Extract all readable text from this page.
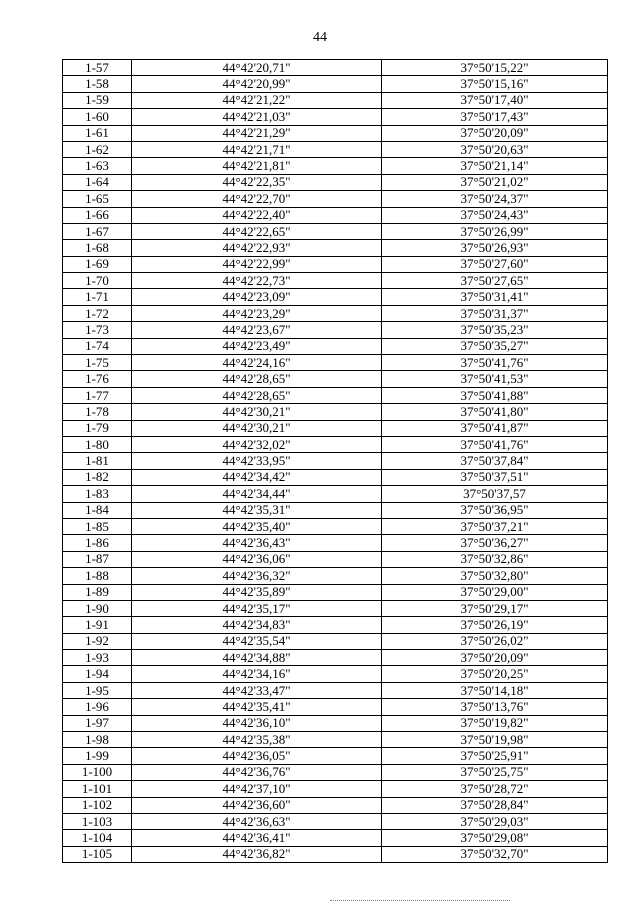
44
1-57	44°42'20,71"	37°50'15,22"
1-58	44°42'20,99"	37°50'15,16"
1-59	44°42'21,22"	37°50'17,40"
1-60	44°42'21,03"	37°50'17,43"
1-61	44°42'21,29"	37°50'20,09"
1-62	44°42'21,71"	37°50'20,63"
1-63	44°42'21,81"	37°50'21,14"
1-64	44°42'22,35"	37°50'21,02"
1-65	44°42'22,70"	37°50'24,37"
1-66	44°42'22,40"	37°50'24,43"
1-67	44°42'22,65"	37°50'26,99"
1-68	44°42'22,93"	37°50'26,93"
1-69	44°42'22,99"	37°50'27,60"
1-70	44°42'22,73"	37°50'27,65"
1-71	44°42'23,09"	37°50'31,41"
1-72	44°42'23,29"	37°50'31,37"
1-73	44°42'23,67"	37°50'35,23"
1-74	44°42'23,49"	37°50'35,27"
1-75	44°42'24,16"	37°50'41,76"
1-76	44°42'28,65"	37°50'41,53"
1-77	44°42'28,65"	37°50'41,88"
1-78	44°42'30,21"	37°50'41,80"
1-79	44°42'30,21"	37°50'41,87"
1-80	44°42'32,02"	37°50'41,76"
1-81	44°42'33,95"	37°50'37,84"
1-82	44°42'34,42"	37°50'37,51"
1-83	44°42'34,44"	37°50'37,57
1-84	44°42'35,31"	37°50'36,95"
1-85	44°42'35,40"	37°50'37,21"
1-86	44°42'36,43"	37°50'36,27"
1-87	44°42'36,06"	37°50'32,86"
1-88	44°42'36,32"	37°50'32,80"
1-89	44°42'35,89"	37°50'29,00"
1-90	44°42'35,17"	37°50'29,17"
1-91	44°42'34,83"	37°50'26,19"
1-92	44°42'35,54"	37°50'26,02"
1-93	44°42'34,88"	37°50'20,09"
1-94	44°42'34,16"	37°50'20,25"
1-95	44°42'33,47"	37°50'14,18"
1-96	44°42'35,41"	37°50'13,76"
1-97	44°42'36,10"	37°50'19,82"
1-98	44°42'35,38"	37°50'19,98"
1-99	44°42'36,05"	37°50'25,91"
1-100	44°42'36,76"	37°50'25,75"
1-101	44°42'37,10"	37°50'28,72"
1-102	44°42'36,60"	37°50'28,84"
1-103	44°42'36,63"	37°50'29,03"
1-104	44°42'36,41"	37°50'29,08"
1-105	44°42'36,82"	37°50'32,70"
